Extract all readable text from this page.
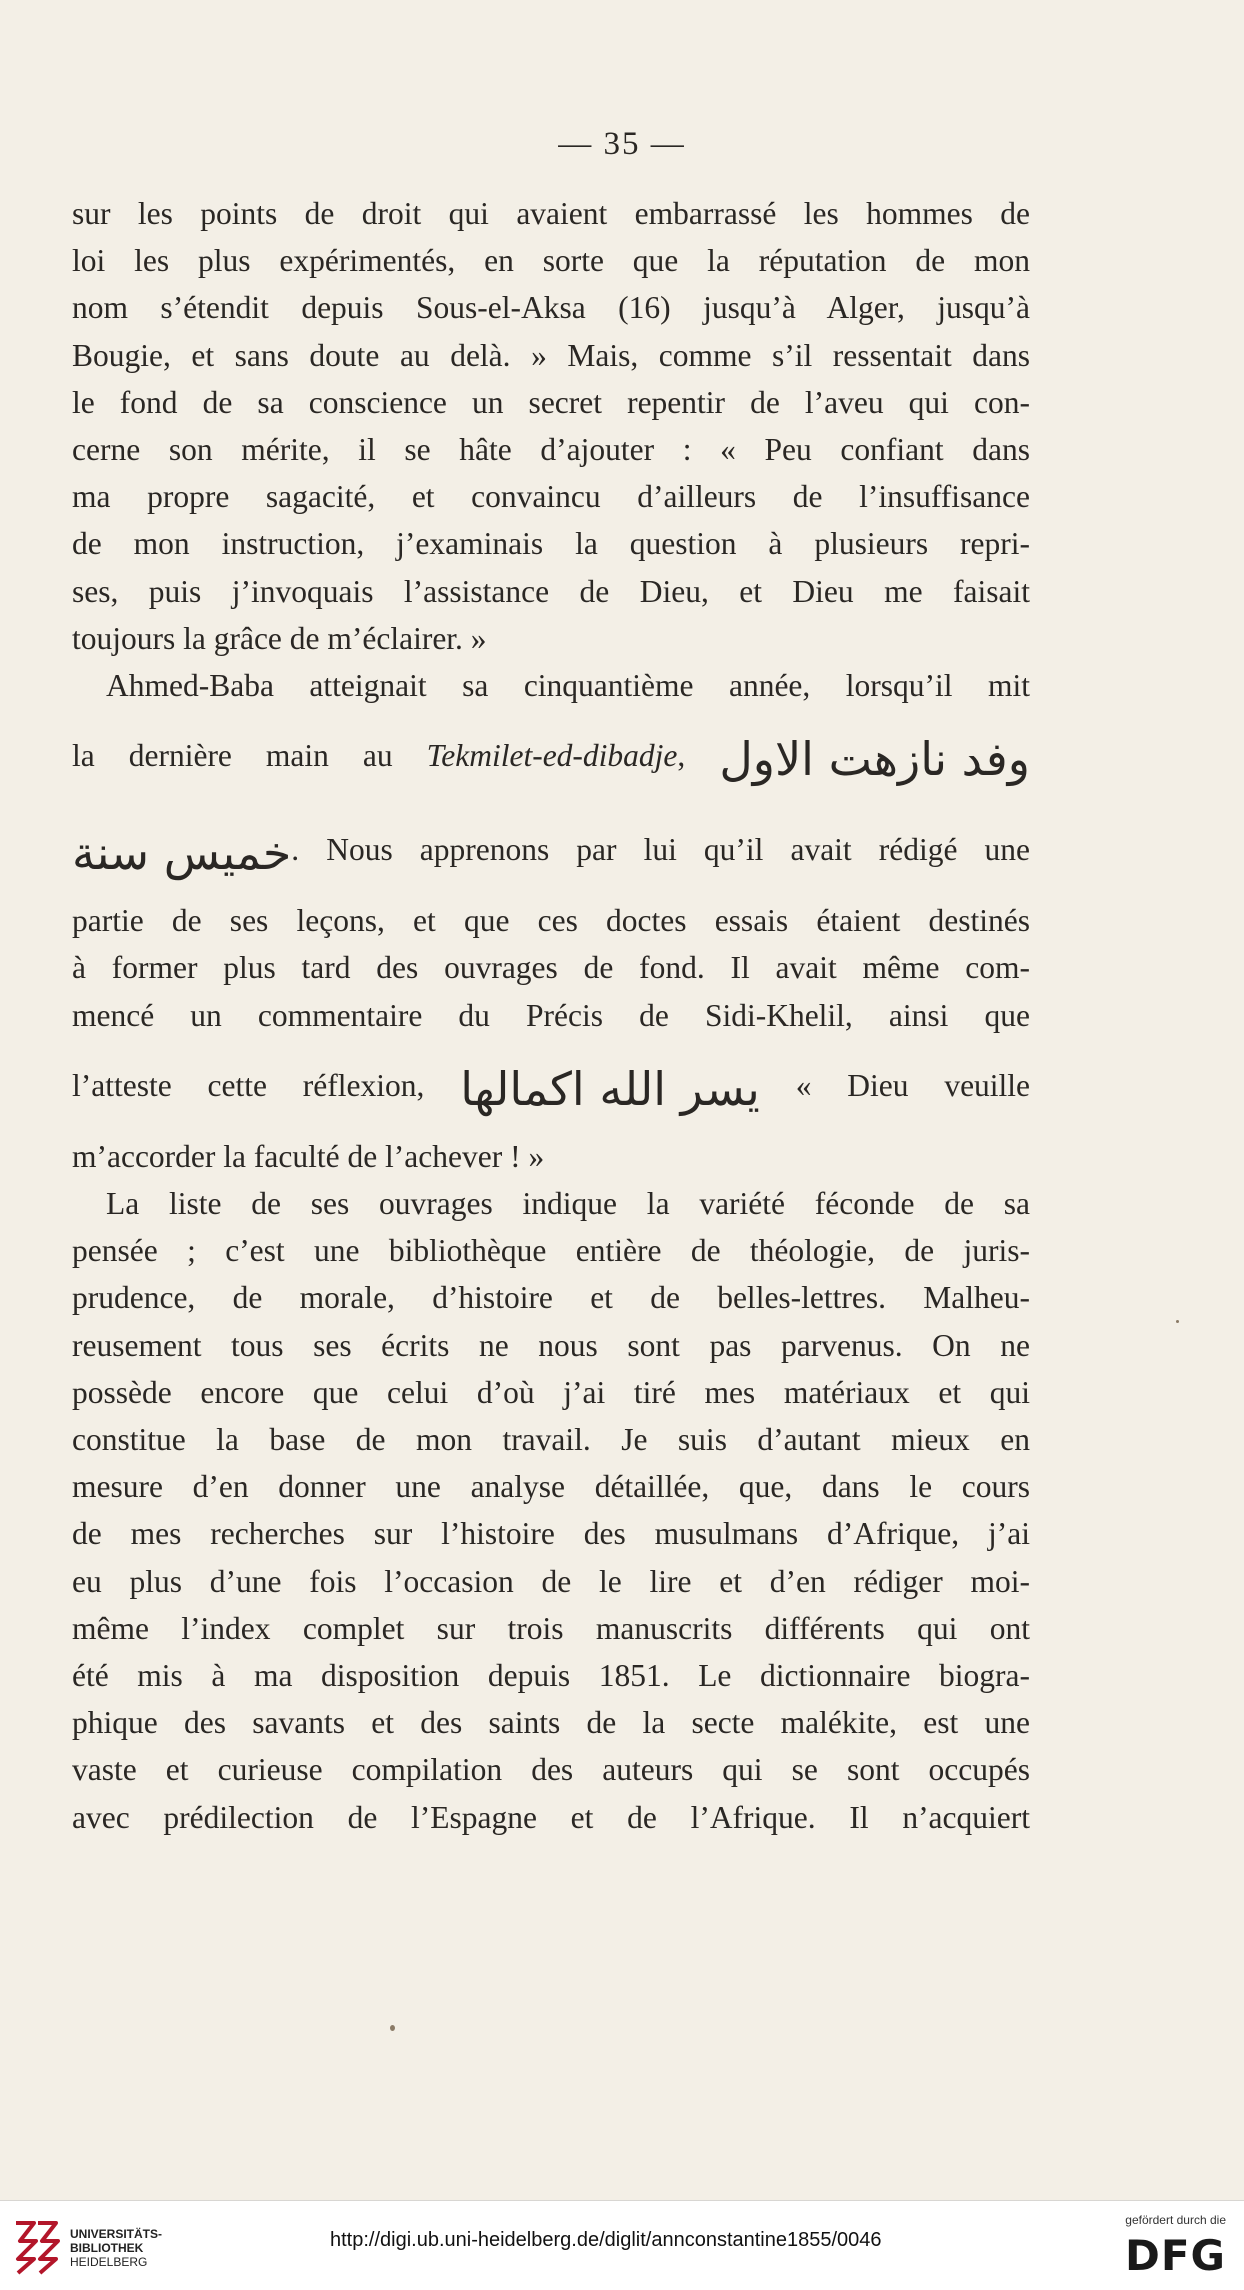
— 35 —

sur les points de droit qui avaient embarrassé les hommes de
loi les plus expérimentés, en sorte que la réputation de mon
nom s’étendit depuis Sous-el-Aksa (16) jusqu’à Alger, jusqu’à
Bougie, et sans doute au delà. » Mais, comme s’il ressentait dans
le fond de sa conscience un secret repentir de l’aveu qui con-
cerne son mérite, il se hâte d’ajouter : « Peu confiant dans
ma propre sagacité, et convaincu d’ailleurs de l’insuffisance
de mon instruction, j’examinais la question à plusieurs repri-
ses, puis j’invoquais l’assistance de Dieu, et Dieu me faisait
toujours la grâce de m’éclairer. »

Ahmed-Baba atteignait sa cinquantième année, lorsqu’il mit
la dernière main au Tekmilet-ed-dibadje, وفد نازهت الاول
خميس سنة. Nous apprenons par lui qu’il avait rédigé une
partie de ses leçons, et que ces doctes essais étaient destinés
à former plus tard des ouvrages de fond. Il avait même com-
mencé un commentaire du Précis de Sidi-Khelil, ainsi que
l’atteste cette réflexion, يسر الله اكمالها « Dieu veuille
m’accorder la faculté de l’achever ! »

La liste de ses ouvrages indique la variété féconde de sa
pensée ; c’est une bibliothèque entière de théologie, de juris-
prudence, de morale, d’histoire et de belles-lettres. Malheu-
reusement tous ses écrits ne nous sont pas parvenus. On ne
possède encore que celui d’où j’ai tiré mes matériaux et qui
constitue la base de mon travail. Je suis d’autant mieux en
mesure d’en donner une analyse détaillée, que, dans le cours
de mes recherches sur l’histoire des musulmans d’Afrique, j’ai
eu plus d’une fois l’occasion de le lire et d’en rédiger moi-
même l’index complet sur trois manuscrits différents qui ont
été mis à ma disposition depuis 1851. Le dictionnaire biogra-
phique des savants et des saints de la secte malékite, est une
vaste et curieuse compilation des auteurs qui se sont occupés
avec prédilection de l’Espagne et de l’Afrique. Il n’acquiert

UNIVERSITÄTS-
BIBLIOTHEK
HEIDELBERG
http://digi.ub.uni-heidelberg.de/diglit/annconstantine1855/0046
gefördert durch die
DFG
